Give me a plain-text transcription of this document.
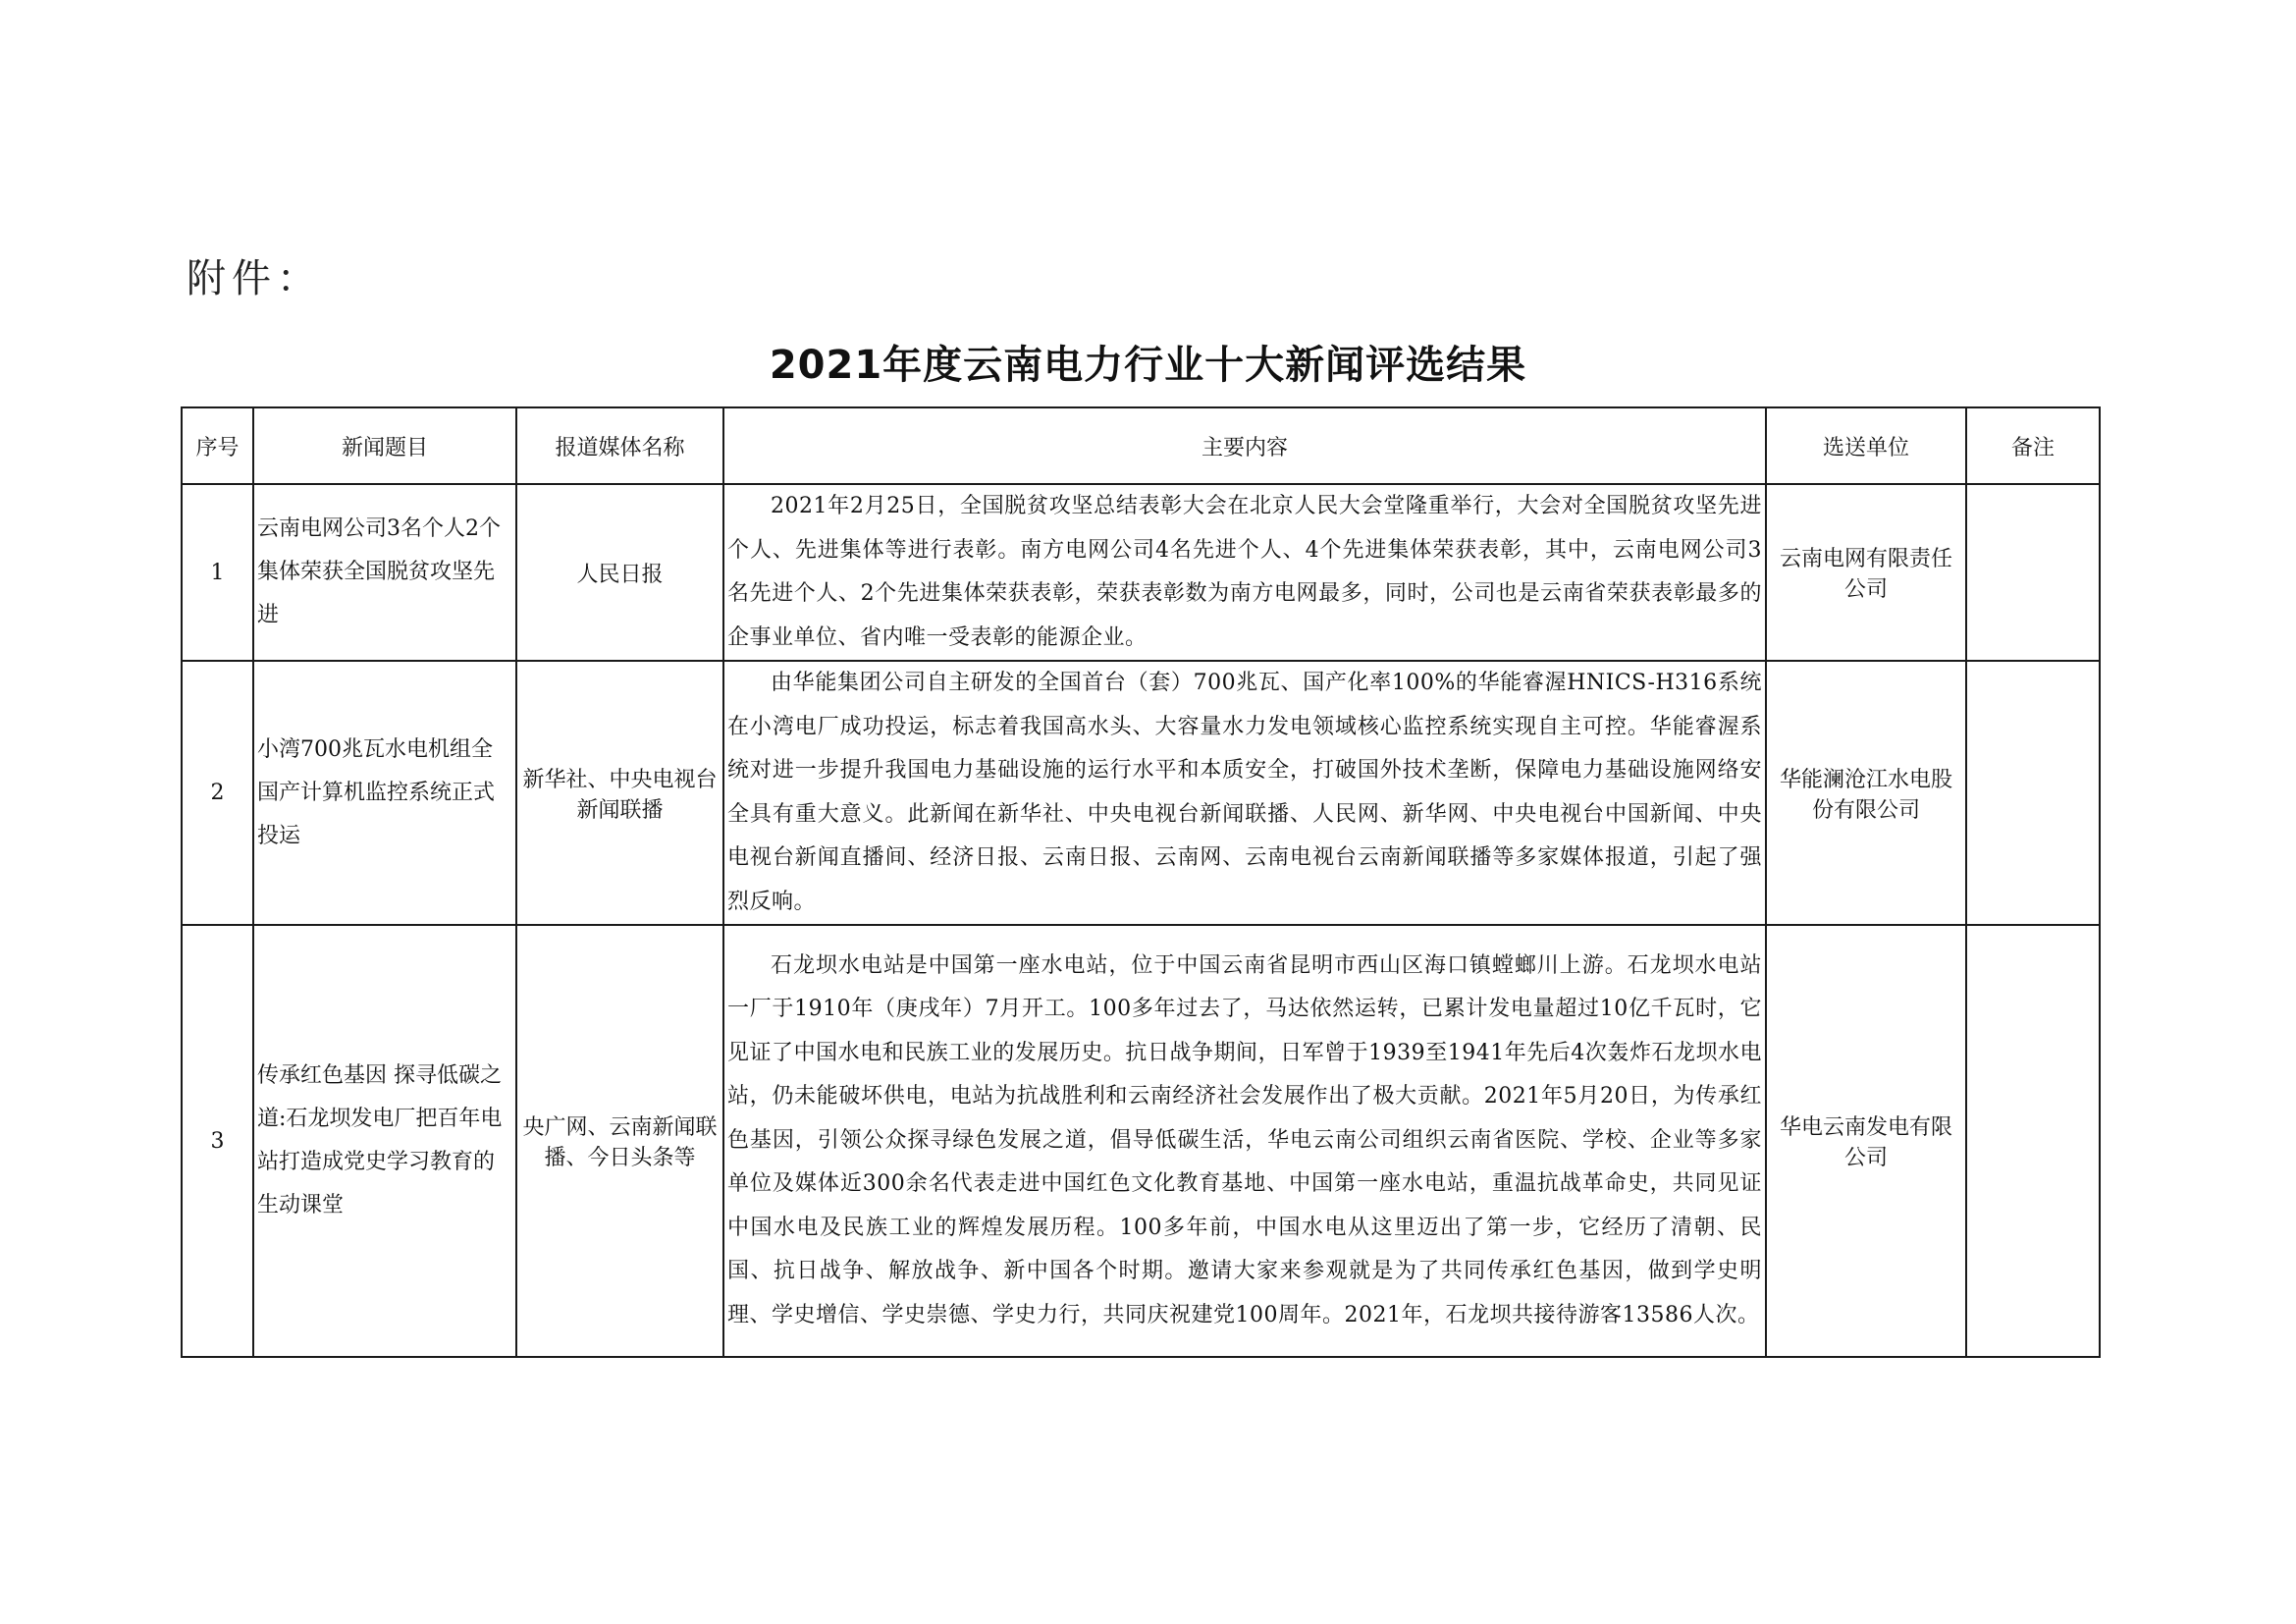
附件：
2021年度云南电力行业十大新闻评选结果
序号	新闻题目	报道媒体名称	主要内容	选送单位	备注
1	云南电网公司3名个人2个集体荣获全国脱贫攻坚先进	人民日报	2021年2月25日，全国脱贫攻坚总结表彰大会在北京人民大会堂隆重举行，大会对全国脱贫攻坚先进个人、先进集体等进行表彰。南方电网公司4名先进个人、4个先进集体荣获表彰，其中，云南电网公司3名先进个人、2个先进集体荣获表彰，荣获表彰数为南方电网最多，同时，公司也是云南省荣获表彰最多的企事业单位、省内唯一受表彰的能源企业。	云南电网有限责任公司	
2	小湾700兆瓦水电机组全国产计算机监控系统正式投运	新华社、中央电视台新闻联播	由华能集团公司自主研发的全国首台（套）700兆瓦、国产化率100%的华能睿渥HNICS-H316系统在小湾电厂成功投运，标志着我国高水头、大容量水力发电领域核心监控系统实现自主可控。华能睿渥系统对进一步提升我国电力基础设施的运行水平和本质安全，打破国外技术垄断，保障电力基础设施网络安全具有重大意义。此新闻在新华社、中央电视台新闻联播、人民网、新华网、中央电视台中国新闻、中央电视台新闻直播间、经济日报、云南日报、云南网、云南电视台云南新闻联播等多家媒体报道，引起了强烈反响。	华能澜沧江水电股份有限公司	
3	传承红色基因 探寻低碳之道:石龙坝发电厂把百年电站打造成党史学习教育的生动课堂	央广网、云南新闻联播、今日头条等	石龙坝水电站是中国第一座水电站，位于中国云南省昆明市西山区海口镇螳螂川上游。石龙坝水电站一厂于1910年（庚戌年）7月开工。100多年过去了，马达依然运转，已累计发电量超过10亿千瓦时，它见证了中国水电和民族工业的发展历史。抗日战争期间，日军曾于1939至1941年先后4次轰炸石龙坝水电站，仍未能破坏供电，电站为抗战胜利和云南经济社会发展作出了极大贡献。2021年5月20日，为传承红色基因，引领公众探寻绿色发展之道，倡导低碳生活，华电云南公司组织云南省医院、学校、企业等多家单位及媒体近300余名代表走进中国红色文化教育基地、中国第一座水电站，重温抗战革命史，共同见证中国水电及民族工业的辉煌发展历程。100多年前，中国水电从这里迈出了第一步，它经历了清朝、民国、抗日战争、解放战争、新中国各个时期。邀请大家来参观就是为了共同传承红色基因，做到学史明理、学史增信、学史崇德、学史力行，共同庆祝建党100周年。2021年，石龙坝共接待游客13586人次。	华电云南发电有限公司	
